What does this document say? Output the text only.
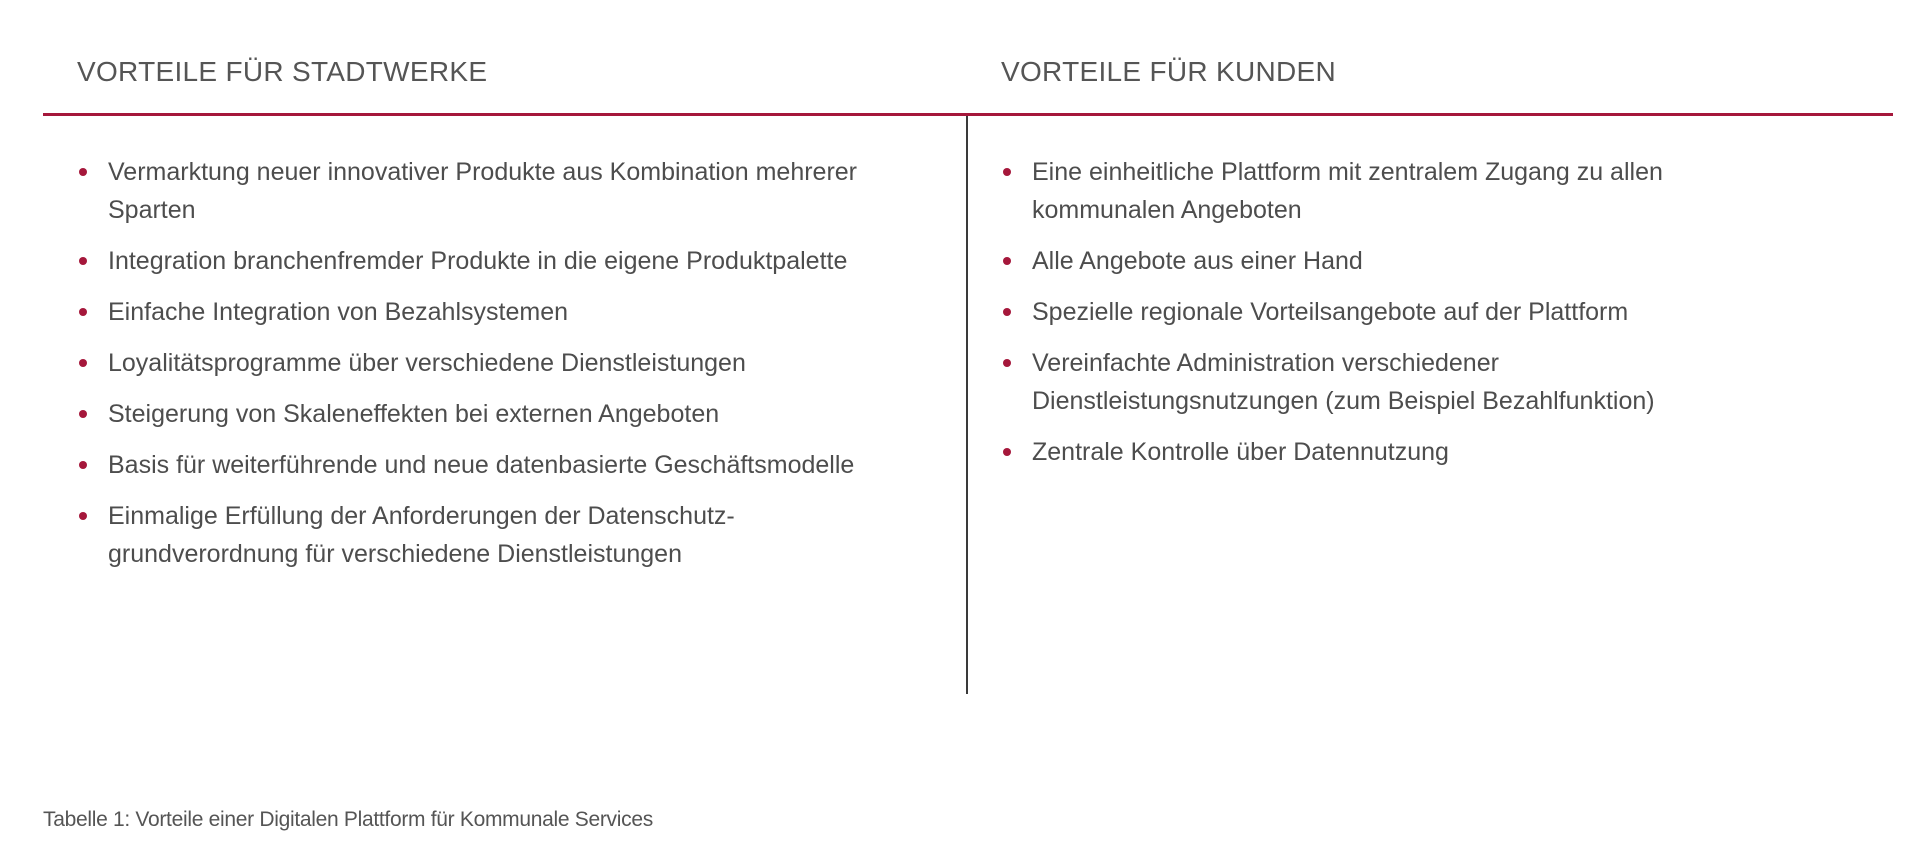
VORTEILE FÜR STADTWERKE	VORTEILE FÜR KUNDEN
Vermarktung neuer innovativer Produkte aus Kombination mehrerer Sparten
Integration branchenfremder Produkte in die eigene Produktpalette
Einfache Integration von Bezahlsystemen
Loyalitätsprogramme über verschiedene Dienstleistungen
Steigerung von Skaleneffekten bei externen Angeboten
Basis für weiterführende und neue datenbasierte Geschäftsmodelle
Einmalige Erfüllung der Anforderungen der Datenschutz-grundverordnung für verschiedene Dienstleistungen
Eine einheitliche Plattform mit zentralem Zugang zu allen kommunalen Angeboten
Alle Angebote aus einer Hand
Spezielle regionale Vorteilsangebote auf der Plattform
Vereinfachte Administration verschiedener Dienstleistungsnutzungen (zum Beispiel Bezahlfunktion)
Zentrale Kontrolle über Datennutzung
Tabelle 1: Vorteile einer Digitalen Plattform für Kommunale Services
